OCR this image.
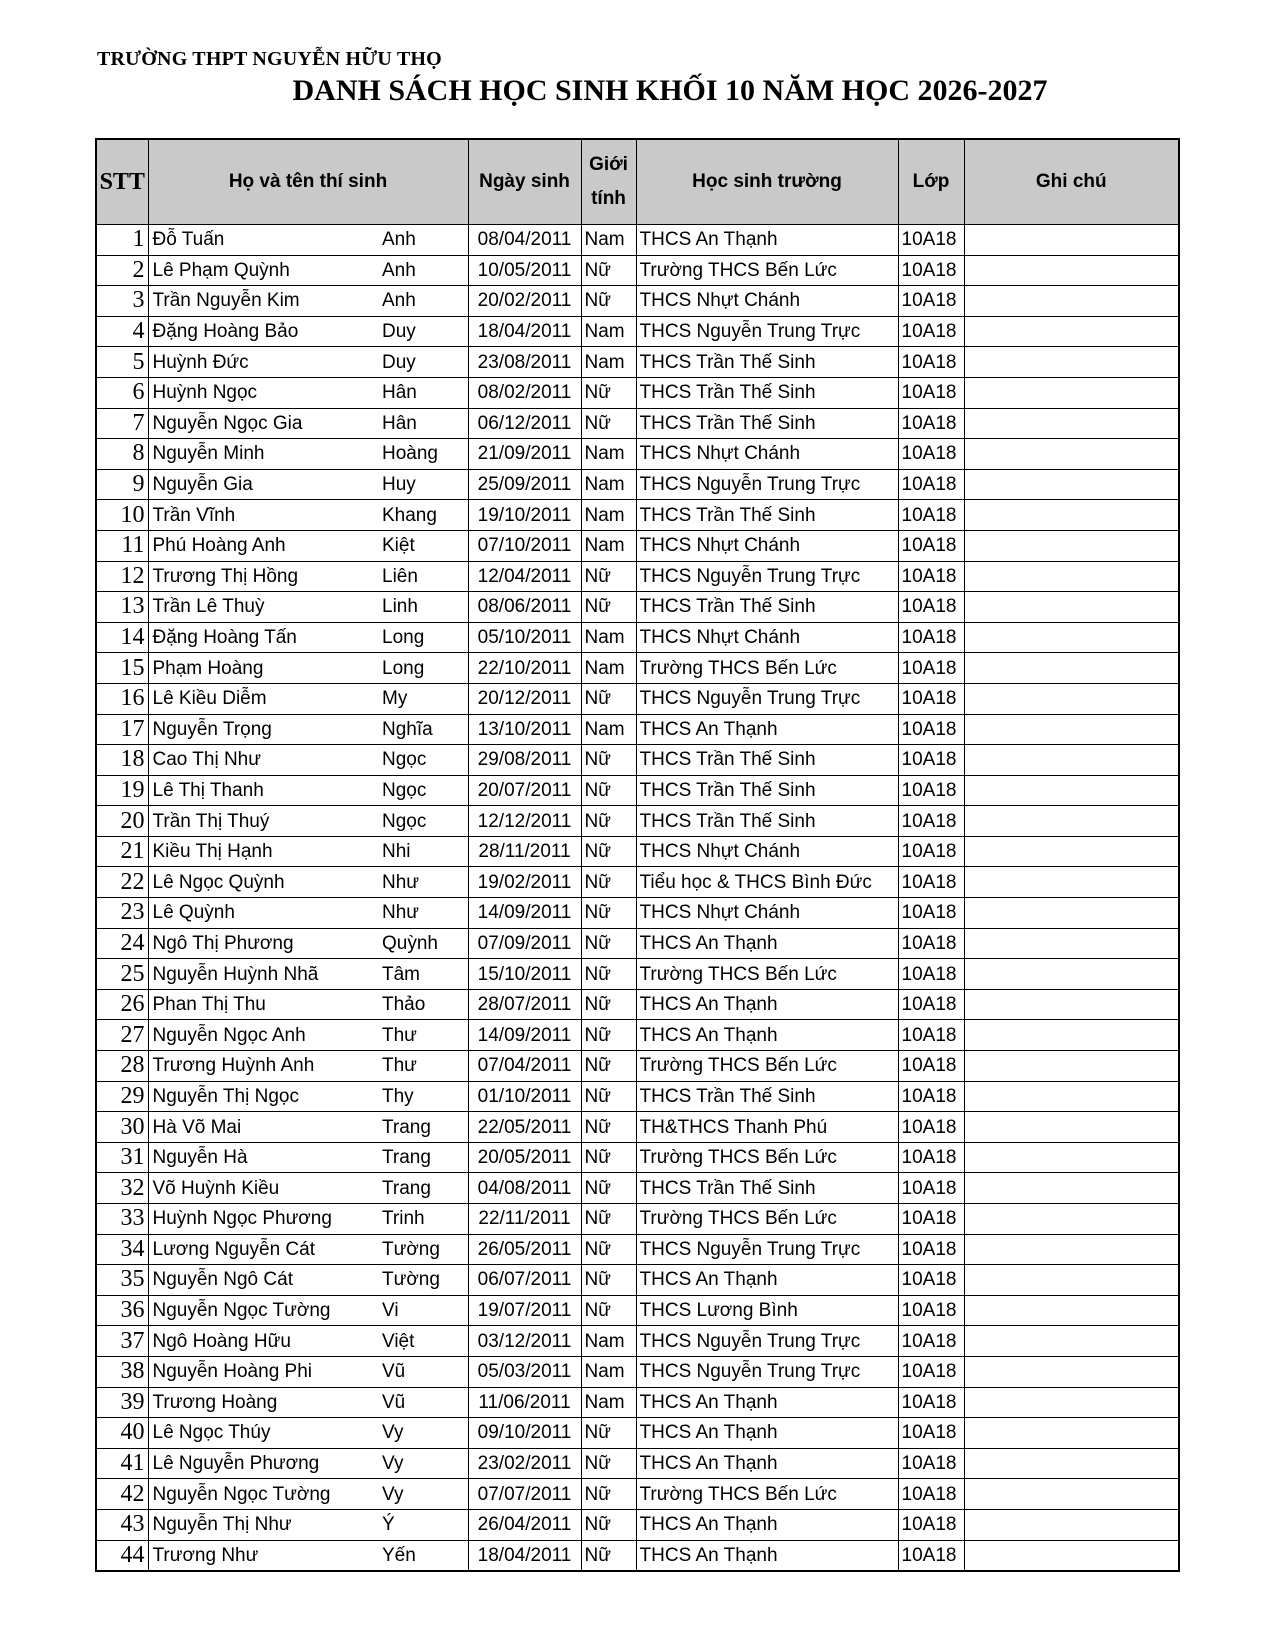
TRƯỜNG THPT NGUYỄN HỮU THỌ
DANH SÁCH HỌC SINH KHỐI 10 NĂM HỌC 2026-2027
STT	Họ và tên thí sinh		Ngày sinh	Giới tính	Học sinh trường	Lớp	Ghi chú
1	Đỗ Tuấn	Anh	08/04/2011	Nam	THCS An Thạnh	10A18	
2	Lê Phạm Quỳnh	Anh	10/05/2011	Nữ	Trường THCS Bến Lức	10A18	
3	Trần Nguyễn Kim	Anh	20/02/2011	Nữ	THCS Nhựt Chánh	10A18	
4	Đặng Hoàng Bảo	Duy	18/04/2011	Nam	THCS Nguyễn Trung Trực	10A18	
5	Huỳnh Đức	Duy	23/08/2011	Nam	THCS Trần Thế Sinh	10A18	
6	Huỳnh Ngọc	Hân	08/02/2011	Nữ	THCS Trần Thế Sinh	10A18	
7	Nguyễn Ngọc Gia	Hân	06/12/2011	Nữ	THCS Trần Thế Sinh	10A18	
8	Nguyễn Minh	Hoàng	21/09/2011	Nam	THCS Nhựt Chánh	10A18	
9	Nguyễn Gia	Huy	25/09/2011	Nam	THCS Nguyễn Trung Trực	10A18	
10	Trần Vĩnh	Khang	19/10/2011	Nam	THCS Trần Thế Sinh	10A18	
11	Phú Hoàng Anh	Kiệt	07/10/2011	Nam	THCS Nhựt Chánh	10A18	
12	Trương Thị Hồng	Liên	12/04/2011	Nữ	THCS Nguyễn Trung Trực	10A18	
13	Trần Lê Thuỳ	Linh	08/06/2011	Nữ	THCS Trần Thế Sinh	10A18	
14	Đặng Hoàng Tấn	Long	05/10/2011	Nam	THCS Nhựt Chánh	10A18	
15	Phạm Hoàng	Long	22/10/2011	Nam	Trường THCS Bến Lức	10A18	
16	Lê Kiều Diễm	My	20/12/2011	Nữ	THCS Nguyễn Trung Trực	10A18	
17	Nguyễn Trọng	Nghĩa	13/10/2011	Nam	THCS An Thạnh	10A18	
18	Cao Thị Như	Ngọc	29/08/2011	Nữ	THCS Trần Thế Sinh	10A18	
19	Lê Thị Thanh	Ngọc	20/07/2011	Nữ	THCS Trần Thế Sinh	10A18	
20	Trần Thị Thuý	Ngọc	12/12/2011	Nữ	THCS Trần Thế Sinh	10A18	
21	Kiều Thị Hạnh	Nhi	28/11/2011	Nữ	THCS Nhựt Chánh	10A18	
22	Lê Ngọc Quỳnh	Như	19/02/2011	Nữ	Tiểu học & THCS Bình Đức	10A18	
23	Lê Quỳnh	Như	14/09/2011	Nữ	THCS Nhựt Chánh	10A18	
24	Ngô Thị Phương	Quỳnh	07/09/2011	Nữ	THCS An Thạnh	10A18	
25	Nguyễn Huỳnh Nhã	Tâm	15/10/2011	Nữ	Trường THCS Bến Lức	10A18	
26	Phan Thị Thu	Thảo	28/07/2011	Nữ	THCS An Thạnh	10A18	
27	Nguyễn Ngọc Anh	Thư	14/09/2011	Nữ	THCS An Thạnh	10A18	
28	Trương Huỳnh Anh	Thư	07/04/2011	Nữ	Trường THCS Bến Lức	10A18	
29	Nguyễn Thị Ngọc	Thy	01/10/2011	Nữ	THCS Trần Thế Sinh	10A18	
30	Hà Võ Mai	Trang	22/05/2011	Nữ	TH&THCS Thanh Phú	10A18	
31	Nguyễn Hà	Trang	20/05/2011	Nữ	Trường THCS Bến Lức	10A18	
32	Võ Huỳnh Kiều	Trang	04/08/2011	Nữ	THCS Trần Thế Sinh	10A18	
33	Huỳnh Ngọc Phương	Trinh	22/11/2011	Nữ	Trường THCS Bến Lức	10A18	
34	Lương Nguyễn Cát	Tường	26/05/2011	Nữ	THCS Nguyễn Trung Trực	10A18	
35	Nguyễn Ngô Cát	Tường	06/07/2011	Nữ	THCS An Thạnh	10A18	
36	Nguyễn Ngọc Tường	Vi	19/07/2011	Nữ	THCS Lương Bình	10A18	
37	Ngô Hoàng Hữu	Việt	03/12/2011	Nam	THCS Nguyễn Trung Trực	10A18	
38	Nguyễn Hoàng Phi	Vũ	05/03/2011	Nam	THCS Nguyễn Trung Trực	10A18	
39	Trương Hoàng	Vũ	11/06/2011	Nam	THCS An Thạnh	10A18	
40	Lê Ngọc Thúy	Vy	09/10/2011	Nữ	THCS An Thạnh	10A18	
41	Lê Nguyễn Phương	Vy	23/02/2011	Nữ	THCS An Thạnh	10A18	
42	Nguyễn Ngọc Tường	Vy	07/07/2011	Nữ	Trường THCS Bến Lức	10A18	
43	Nguyễn Thị Như	Ý	26/04/2011	Nữ	THCS An Thạnh	10A18	
44	Trương Như	Yến	18/04/2011	Nữ	THCS An Thạnh	10A18	
